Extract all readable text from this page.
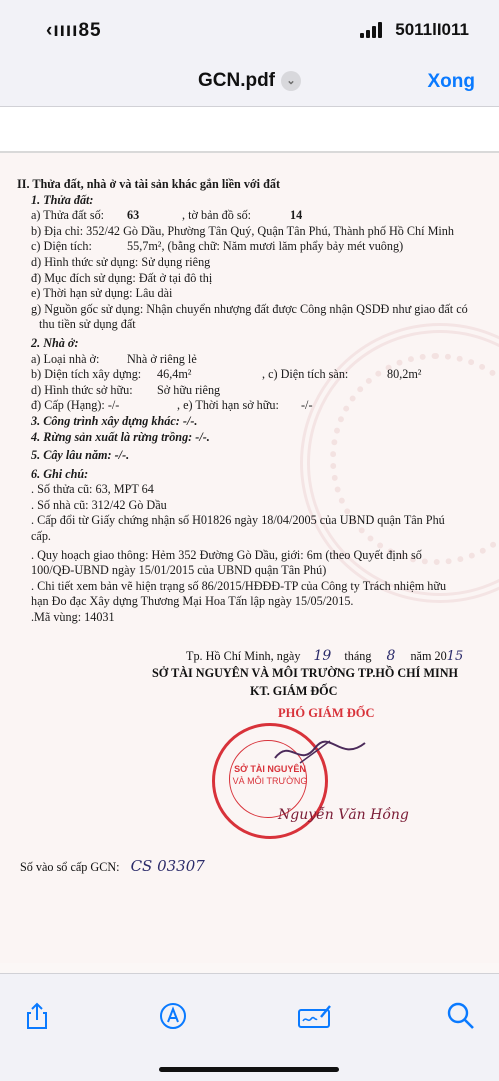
‹ıııı85	5011lI011
GCN.pdf ⌄	Xong
II. Thửa đất, nhà ở và tài sản khác gắn liền với đất
1. Thửa đất:
a) Thửa đất số: 63	, tờ bản đồ số:	14
b) Địa chỉ: 352/42 Gò Dầu, Phường Tân Quý, Quận Tân Phú, Thành phố Hồ Chí Minh
c) Diện tích:	55,7m², (bằng chữ: Năm mươi lăm phẩy bảy mét vuông)
d) Hình thức sử dụng: Sử dụng riêng
đ) Mục đích sử dụng: Đất ở tại đô thị
e) Thời hạn sử dụng: Lâu dài
g) Nguồn gốc sử dụng: Nhận chuyển nhượng đất được Công nhận QSDĐ như giao đất có
thu tiền sử dụng đất
2. Nhà ở:
a) Loại nhà ở: Nhà ở riêng lẻ
b) Diện tích xây dựng: 46,4m²	, c) Diện tích sàn:	80,2m²
d) Hình thức sở hữu: Sở hữu riêng
đ) Cấp (Hạng): -/-	, e) Thời hạn sở hữu: -/-
3. Công trình xây dựng khác: -/-.
4. Rừng sản xuất là rừng trồng: -/-.
5. Cây lâu năm: -/-.
6. Ghi chú:
. Số thửa cũ: 63, MPT 64
. Số nhà cũ: 312/42 Gò Dầu
. Cấp đổi từ Giấy chứng nhận số H01826 ngày 18/04/2005 của UBND quận Tân Phú
cấp.
. Quy hoạch giao thông: Hẻm 352 Đường Gò Dầu, giới: 6m (theo Quyết định số
100/QĐ-UBND ngày 15/01/2015 của UBND quận Tân Phú)
. Chi tiết xem bản vẽ hiện trạng số 86/2015/HĐĐĐ-TP của Công ty Trách nhiệm hữu
hạn Đo đạc Xây dựng Thương Mại Hoa Tấn lập ngày 15/05/2015.
.Mã vùng: 14031
Tp. Hồ Chí Minh, ngày 19 tháng 8 năm 2015
SỞ TÀI NGUYÊN VÀ MÔI TRƯỜNG TP.HỒ CHÍ MINH
KT. GIÁM ĐỐC
PHÓ GIÁM ĐỐC
SỞ TÀI NGUYÊN
VÀ MÔI TRƯỜNG
Nguyễn Văn Hồng
Số vào sổ cấp GCN: CS 03307
